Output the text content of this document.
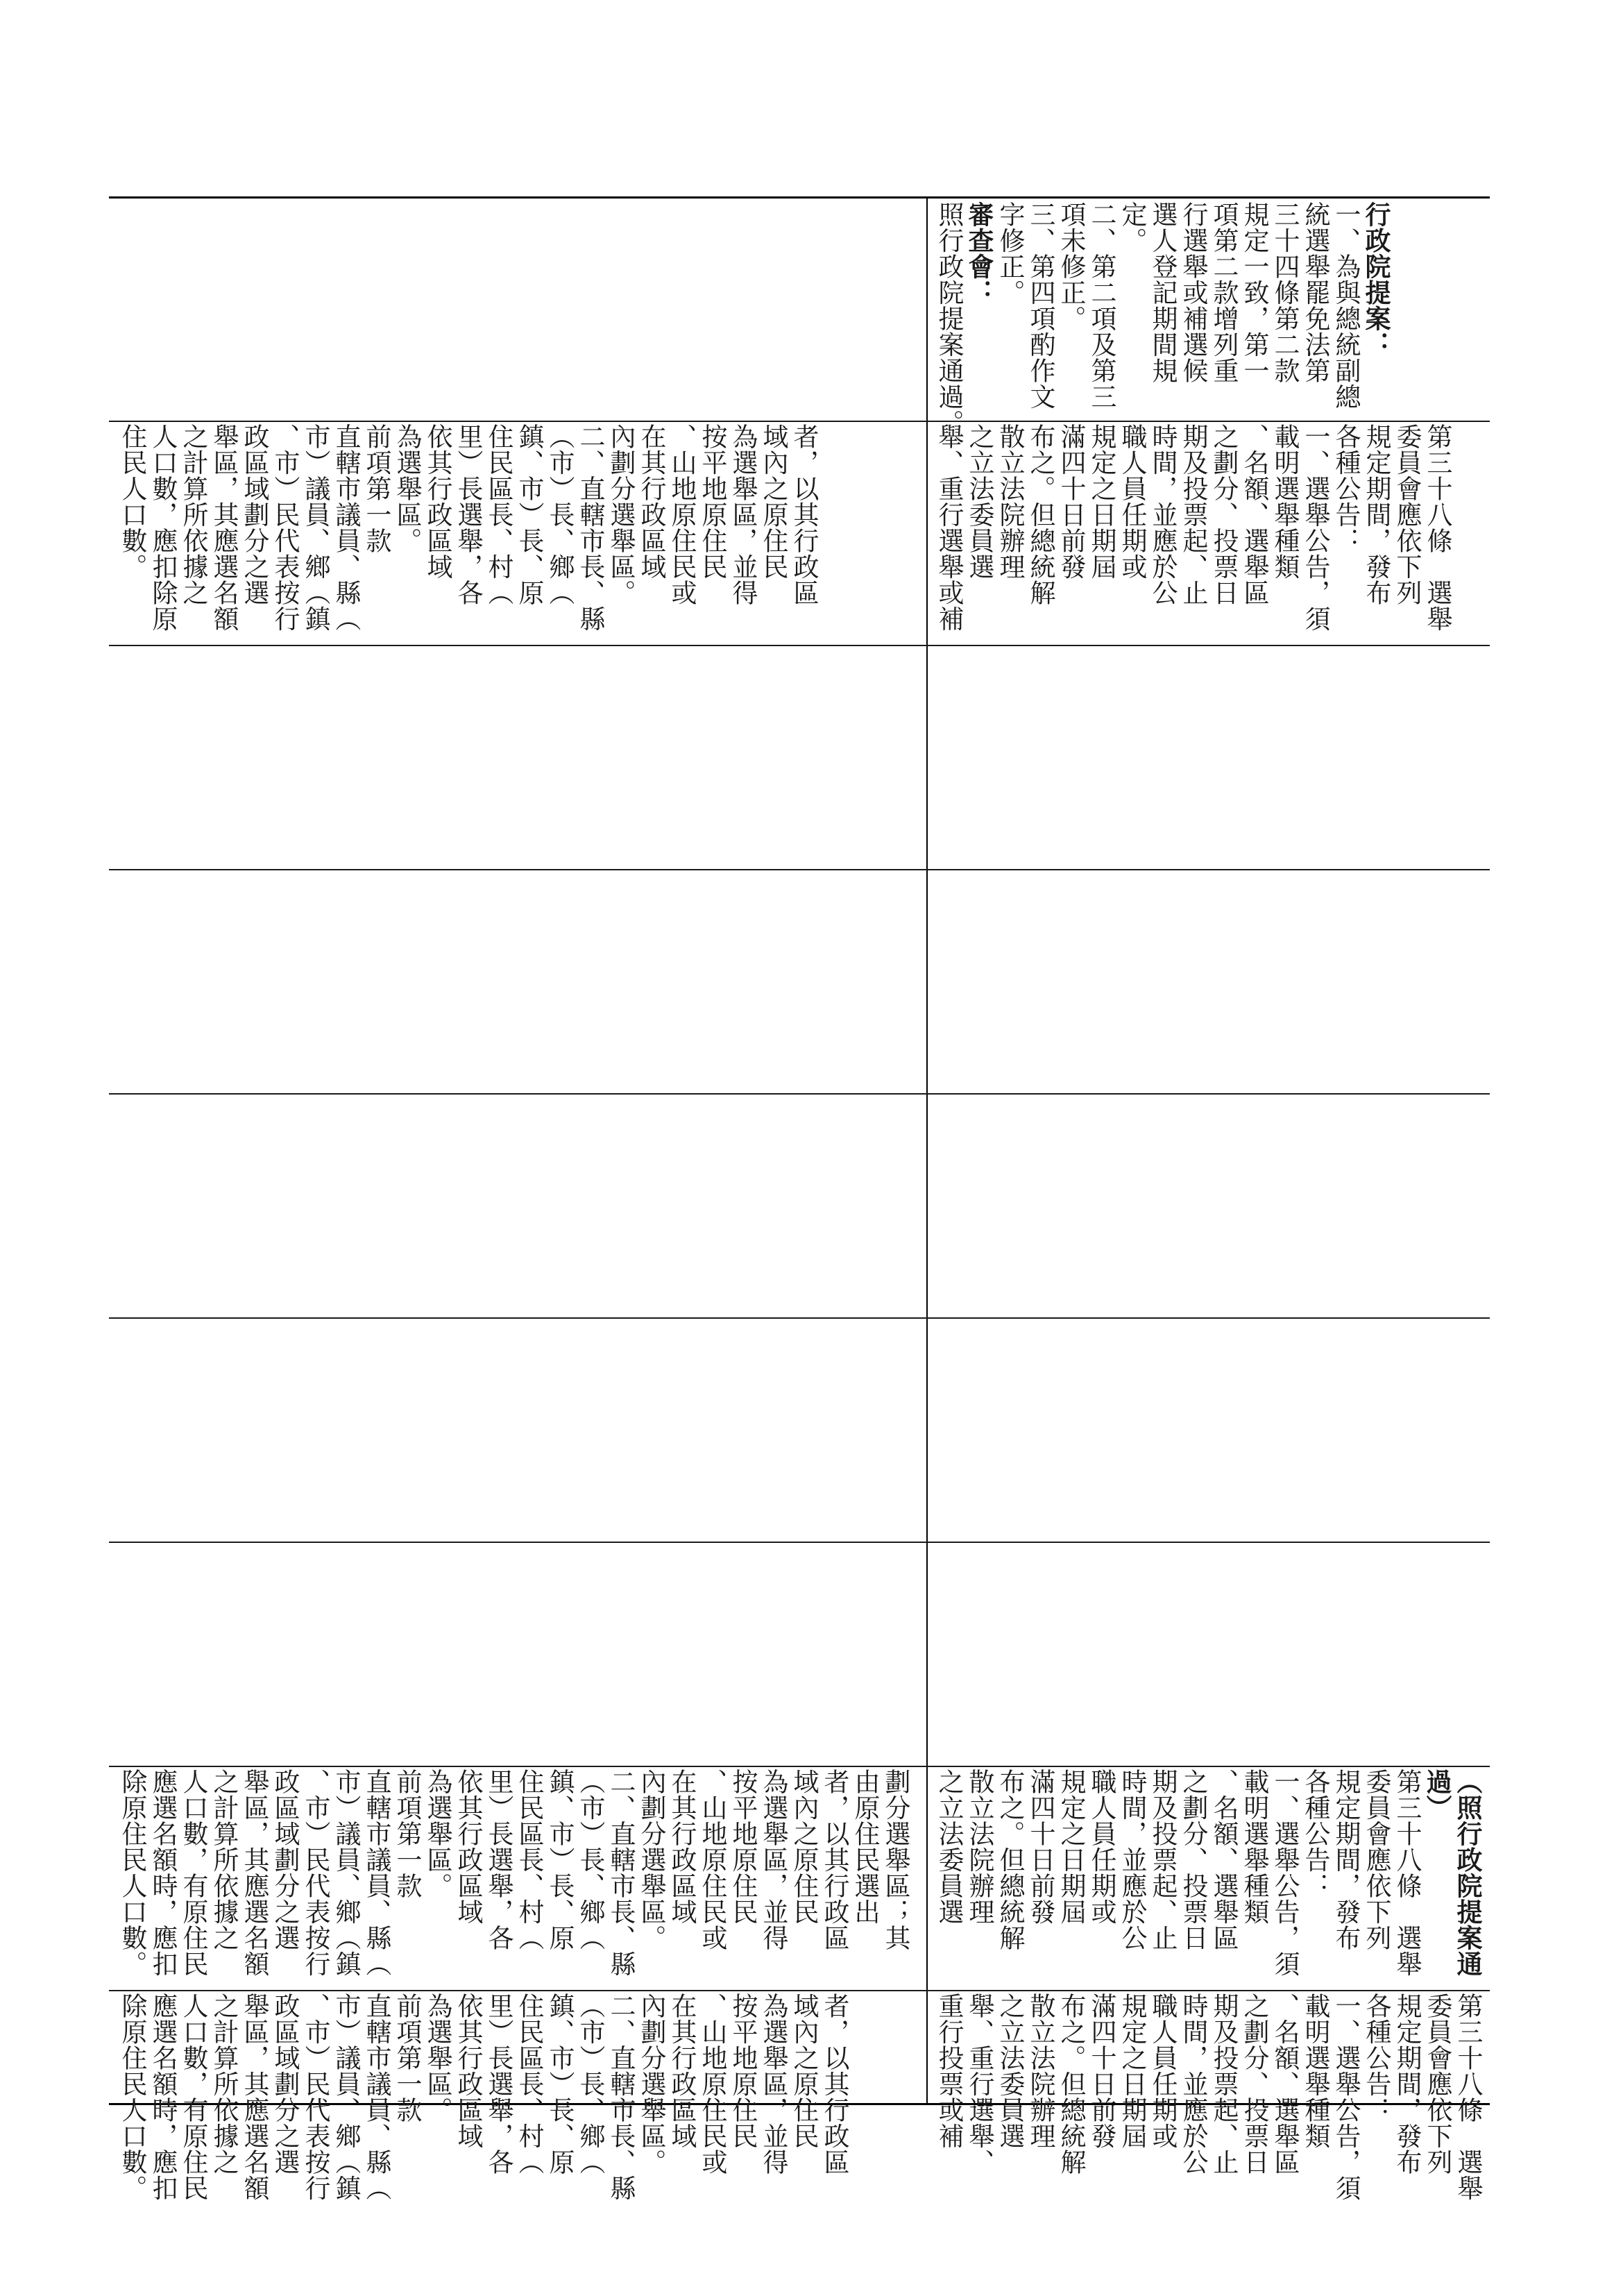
者，以其行政區
域內之原住民
為選舉區，並得
按平地原住民
、山地原住民或
在其行政區域
內劃分選舉區。
二、直轄市長、縣
（市）長、鄉（
鎮、市）長、原
住民區長、村（
里）長選舉，各
依其行政區域
為選舉區。
前項第一款
直轄市議員、縣（
市）議員、鄉（鎮
、市）民代表按行
政區域劃分之選
舉區，其應選名額
之計算所依據之
人口數，應扣除原
住民人口數。

行政院提案：
一、為與總統副總
統選舉罷免法第
三十四條第二款
規定一致，第一
項第二款增列重
行選舉或補選候
選人登記期間規
定。
二、第二項及第三
項未修正。
三、第四項酌作文
字修正。
審查會：
照行政院提案通過。

第三十八條　選舉
委員會應依下列
規定期間，發布
各種公告：
一、選舉公告，須
載明選舉種類
、名額、選舉區
之劃分、投票日
期及投票起、止
時間，並應於公
職人員任期或
規定之日期屆
滿四十日前發
布之。但總統解
散立法院辦理
之立法委員選
舉、重行選舉或補

劃分選舉區；其
由原住民選出
者，以其行政區
域內之原住民
為選舉區，並得
按平地原住民
、山地原住民或
在其行政區域
內劃分選舉區。
二、直轄市長、縣
（市）長、鄉（
鎮、市）長、原
住民區長、村（
里）長選舉，各
依其行政區域
為選舉區。
前項第一款
直轄市議員、縣（
市）議員、鄉（鎮
、市）民代表按行
政區域劃分之選
舉區，其應選名額
之計算所依據之
人口數，有原住民
應選名額時，應扣
除原住民人口數。

者，以其行政區
域內之原住民
為選舉區，並得
按平地原住民
、山地原住民或
在其行政區域
內劃分選舉區。
二、直轄市長、縣
（市）長、鄉（
鎮、市）長、原
住民區長、村（
里）長選舉，各
依其行政區域
為選舉區。
前項第一款
直轄市議員、縣（
市）議員、鄉（鎮
、市）民代表按行
政區域劃分之選
舉區，其應選名額
之計算所依據之
人口數，有原住民
應選名額時，應扣
除原住民人口數。

（照行政院提案通
過）
第三十八條　選舉
委員會應依下列
規定期間，發布
各種公告：
一、選舉公告，須
載明選舉種類
、名額、選舉區
之劃分、投票日
期及投票起、止
時間，並應於公
職人員任期或
規定之日期屆
滿四十日前發
布之。但總統解
散立法院辦理
之立法委員選

第三十八條　選舉
委員會應依下列
規定期間，發布
各種公告：
一、選舉公告，須
載明選舉種類
、名額、選舉區
之劃分、投票日
期及投票起、止
時間，並應於公
職人員任期或
規定之日期屆
滿四十日前發
布之。但總統解
散立法院辦理
之立法委員選
舉、重行選舉、
重行投票或補
